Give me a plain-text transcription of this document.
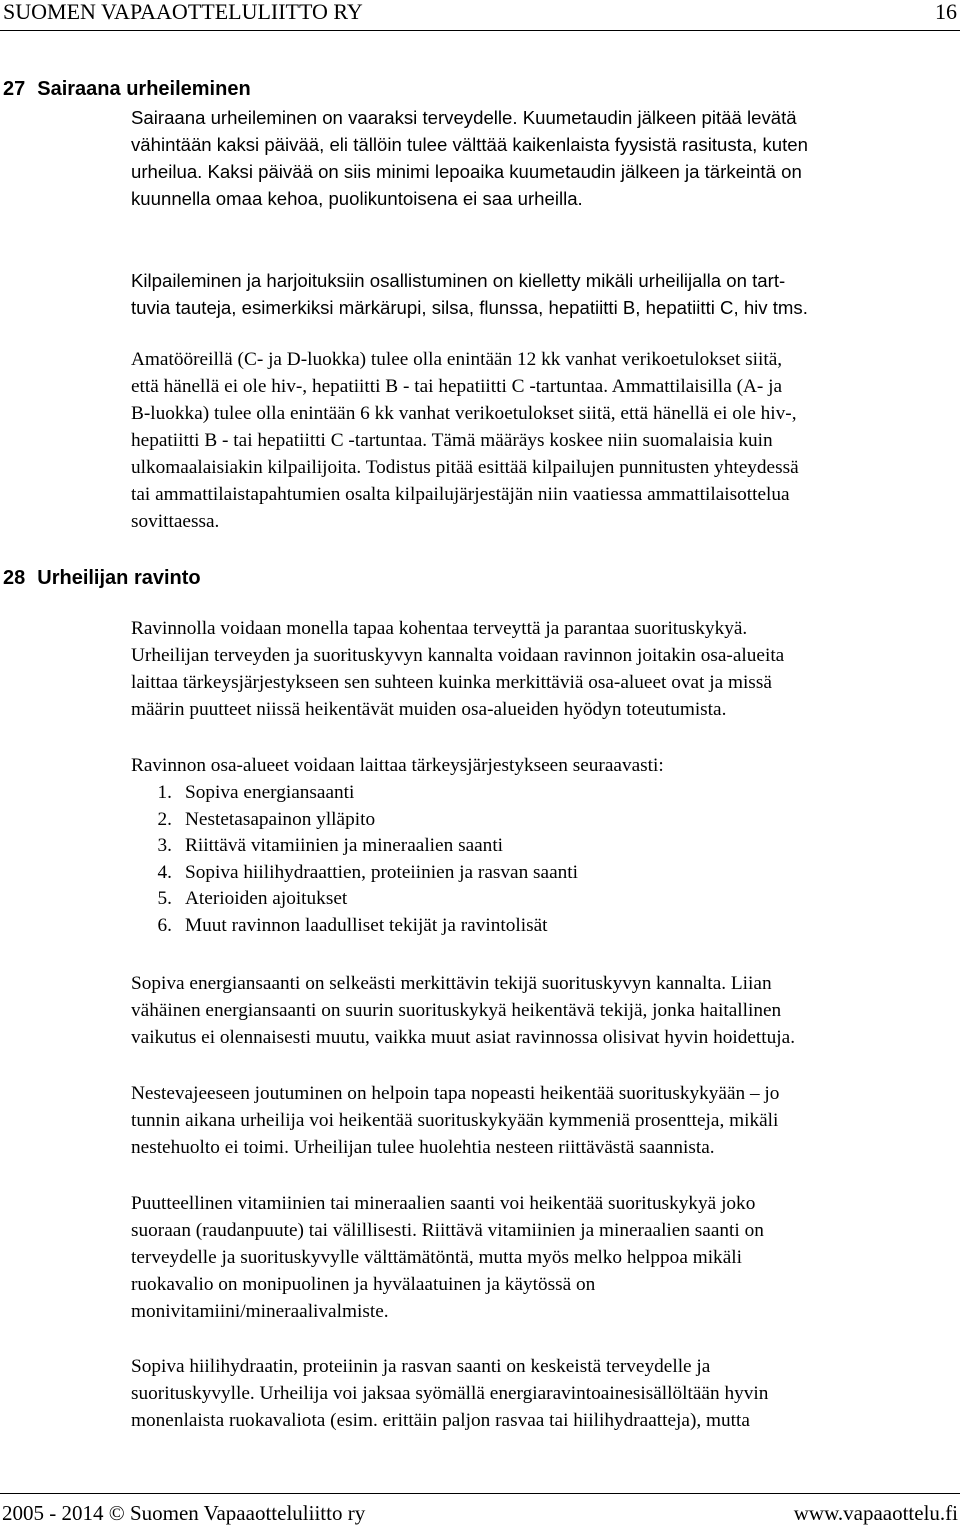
SUOMEN VAPAAOTTELULIITTO RY	16
27 Sairaana urheileminen
Sairaana urheileminen on vaaraksi terveydelle. Kuumetaudin jälkeen pitää levätä
vähintään kaksi päivää, eli tällöin tulee välttää kaikenlaista fyysistä rasitusta, kuten
urheilua. Kaksi päivää on siis minimi lepoaika kuumetaudin jälkeen ja tärkeintä on
kuunnella omaa kehoa, puolikuntoisena ei saa urheilla.
Kilpaileminen ja harjoituksiin osallistuminen on kielletty mikäli urheilijalla on tart-
tuvia tauteja, esimerkiksi märkärupi, silsa, flunssa, hepatiitti B, hepatiitti C, hiv tms.
Amatööreillä (C- ja D-luokka) tulee olla enintään 12 kk vanhat verikoetulokset siitä,
että hänellä ei ole hiv-, hepatiitti B - tai hepatiitti C -tartuntaa. Ammattilaisilla (A- ja
B-luokka) tulee olla enintään 6 kk vanhat verikoetulokset siitä, että hänellä ei ole hiv-,
hepatiitti B - tai hepatiitti C -tartuntaa. Tämä määräys koskee niin suomalaisia kuin
ulkomaalaisiakin kilpailijoita. Todistus pitää esittää kilpailujen punnitusten yhteydessä
tai ammattilaistapahtumien osalta kilpailujärjestäjän niin vaatiessa ammattilaisottelua
sovittaessa.
28 Urheilijan ravinto
Ravinnolla voidaan monella tapaa kohentaa terveyttä ja parantaa suorituskykyä.
Urheilijan terveyden ja suorituskyvyn kannalta voidaan ravinnon joitakin osa-alueita
laittaa tärkeysjärjestykseen sen suhteen kuinka merkittäviä osa-alueet ovat ja missä
määrin puutteet niissä heikentävät muiden osa-alueiden hyödyn toteutumista.
Ravinnon osa-alueet voidaan laittaa tärkeysjärjestykseen seuraavasti:
1. Sopiva energiansaanti
2. Nestetasapainon ylläpito
3. Riittävä vitamiinien ja mineraalien saanti
4. Sopiva hiilihydraattien, proteiinien ja rasvan saanti
5. Aterioiden ajoitukset
6. Muut ravinnon laadulliset tekijät ja ravintolisät
Sopiva energiansaanti on selkeästi merkittävin tekijä suorituskyvyn kannalta. Liian
vähäinen energiansaanti on suurin suorituskykyä heikentävä tekijä, jonka haitallinen
vaikutus ei olennaisesti muutu, vaikka muut asiat ravinnossa olisivat hyvin hoidettuja.
Nestevajeeseen joutuminen on helpoin tapa nopeasti heikentää suorituskykyään – jo
tunnin aikana urheilija voi heikentää suorituskykyään kymmeniä prosentteja, mikäli
nestehuolto ei toimi. Urheilijan tulee huolehtia nesteen riittävästä saannista.
Puutteellinen vitamiinien tai mineraalien saanti voi heikentää suorituskykyä joko
suoraan (raudanpuute) tai välillisesti. Riittävä vitamiinien ja mineraalien saanti on
terveydelle ja suorituskyvylle välttämätöntä, mutta myös melko helppoa mikäli
ruokavalio on monipuolinen ja hyvälaatuinen ja käytössä on
monivitamiini/mineraalivalmiste.
Sopiva hiilihydraatin, proteiinin ja rasvan saanti on keskeistä terveydelle ja
suorituskyvylle. Urheilija voi jaksaa syömällä energiaravintoainesisällöltään hyvin
monenlaista ruokavaliota (esim. erittäin paljon rasvaa tai hiilihydraatteja), mutta
2005 - 2014 © Suomen Vapaaotteluliitto ry	www.vapaaottelu.fi
